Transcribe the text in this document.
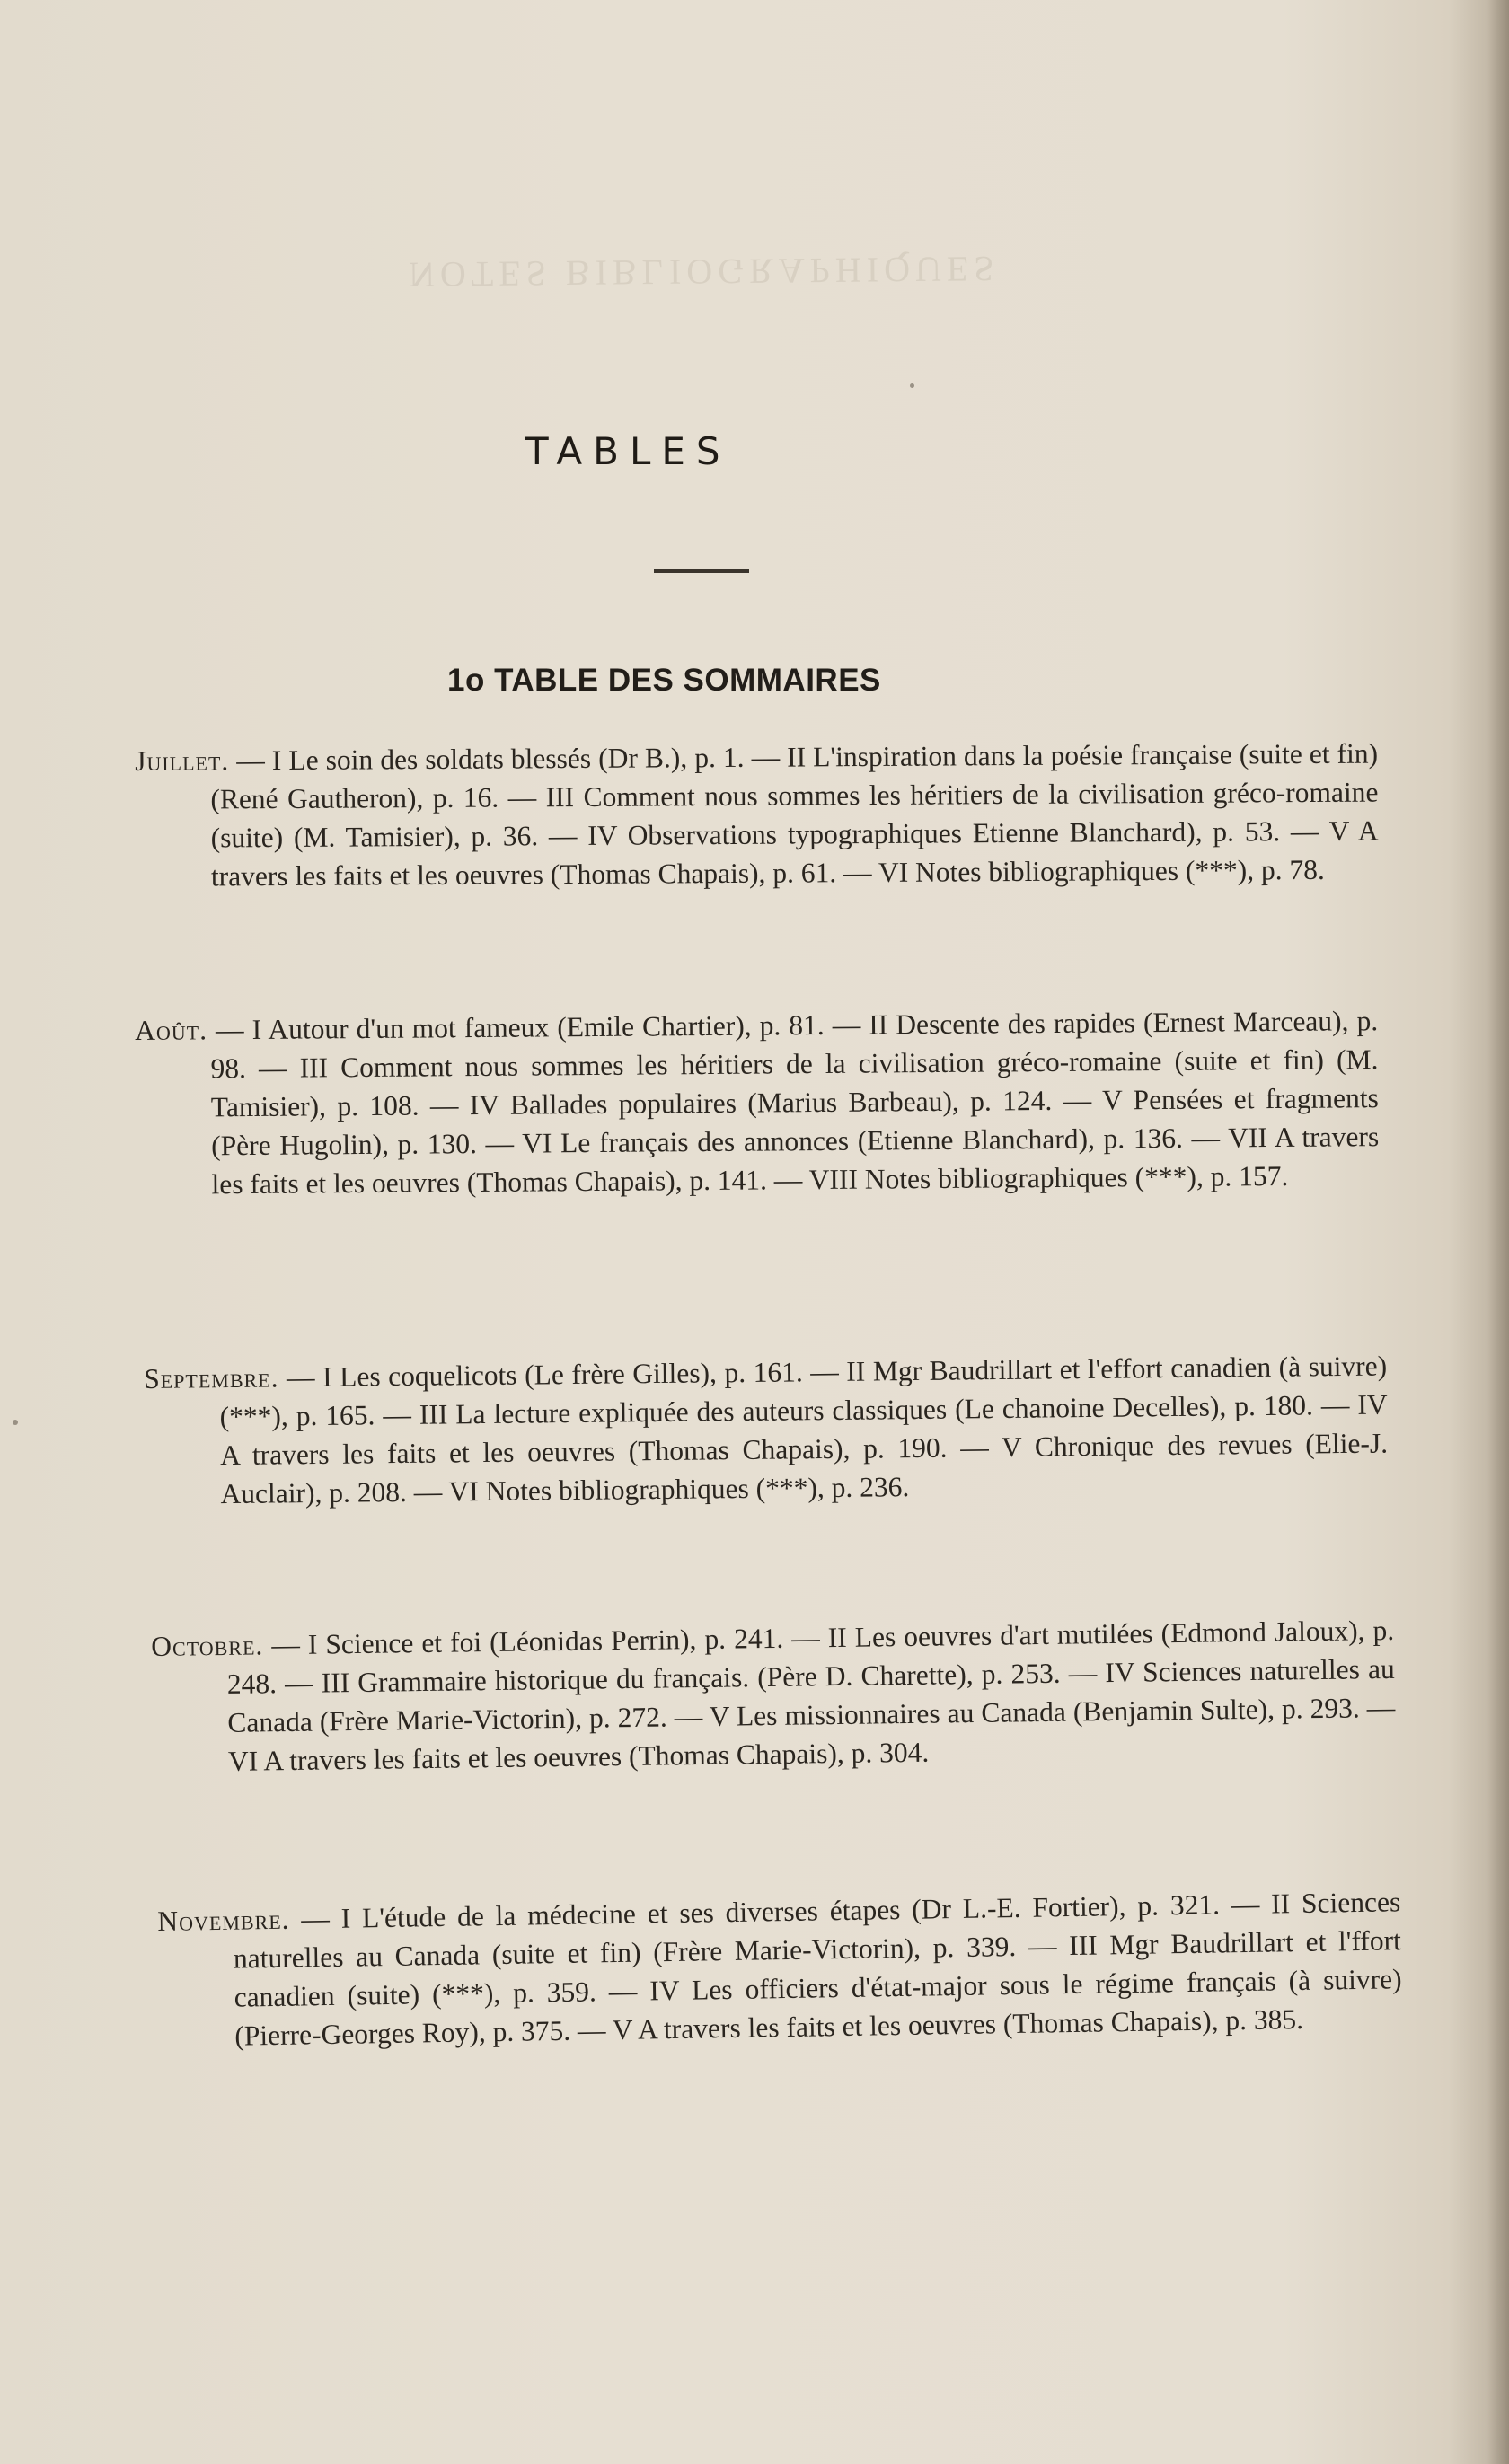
NOTES BIBLIOGRAPHIQUES
TABLES
1o TABLE DES SOMMAIRES
Juillet. — I Le soin des soldats blessés (Dr B.), p. 1. — II L'inspiration dans la poésie française (suite et fin) (René Gautheron), p. 16. — III Comment nous sommes les héritiers de la civilisation gréco-romaine (suite) (M. Tamisier), p. 36. — IV Observations typographiques Etienne Blanchard), p. 53. — V A travers les faits et les oeuvres (Thomas Chapais), p. 61. — VI Notes bibliographiques (***), p. 78.
Août. — I Autour d'un mot fameux (Emile Chartier), p. 81. — II Descente des rapides (Ernest Marceau), p. 98. — III Comment nous sommes les héritiers de la civilisation gréco-romaine (suite et fin) (M. Tamisier), p. 108. — IV Ballades populaires (Marius Barbeau), p. 124. — V Pensées et fragments (Père Hugolin), p. 130. — VI Le français des annonces (Etienne Blanchard), p. 136. — VII A travers les faits et les oeuvres (Thomas Chapais), p. 141. — VIII Notes bibliographiques (***), p. 157.
Septembre. — I Les coquelicots (Le frère Gilles), p. 161. — II Mgr Baudrillart et l'effort canadien (à suivre) (***), p. 165. — III La lecture expliquée des auteurs classiques (Le chanoine Decelles), p. 180. — IV A travers les faits et les oeuvres (Thomas Chapais), p. 190. — V Chronique des revues (Elie-J. Auclair), p. 208. — VI Notes bibliographiques (***), p. 236.
Octobre. — I Science et foi (Léonidas Perrin), p. 241. — II Les oeuvres d'art mutilées (Edmond Jaloux), p. 248. — III Grammaire historique du français. (Père D. Charette), p. 253. — IV Sciences naturelles au Canada (Frère Marie-Victorin), p. 272. — V Les missionnaires au Canada (Benjamin Sulte), p. 293. — VI A travers les faits et les oeuvres (Thomas Chapais), p. 304.
Novembre. — I L'étude de la médecine et ses diverses étapes (Dr L.-E. Fortier), p. 321. — II Sciences naturelles au Canada (suite et fin) (Frère Marie-Victorin), p. 339. — III Mgr Baudrillart et l'ffort canadien (suite) (***), p. 359. — IV Les officiers d'état-major sous le régime français (à suivre) (Pierre-Georges Roy), p. 375. — V A travers les faits et les oeuvres (Thomas Chapais), p. 385.
